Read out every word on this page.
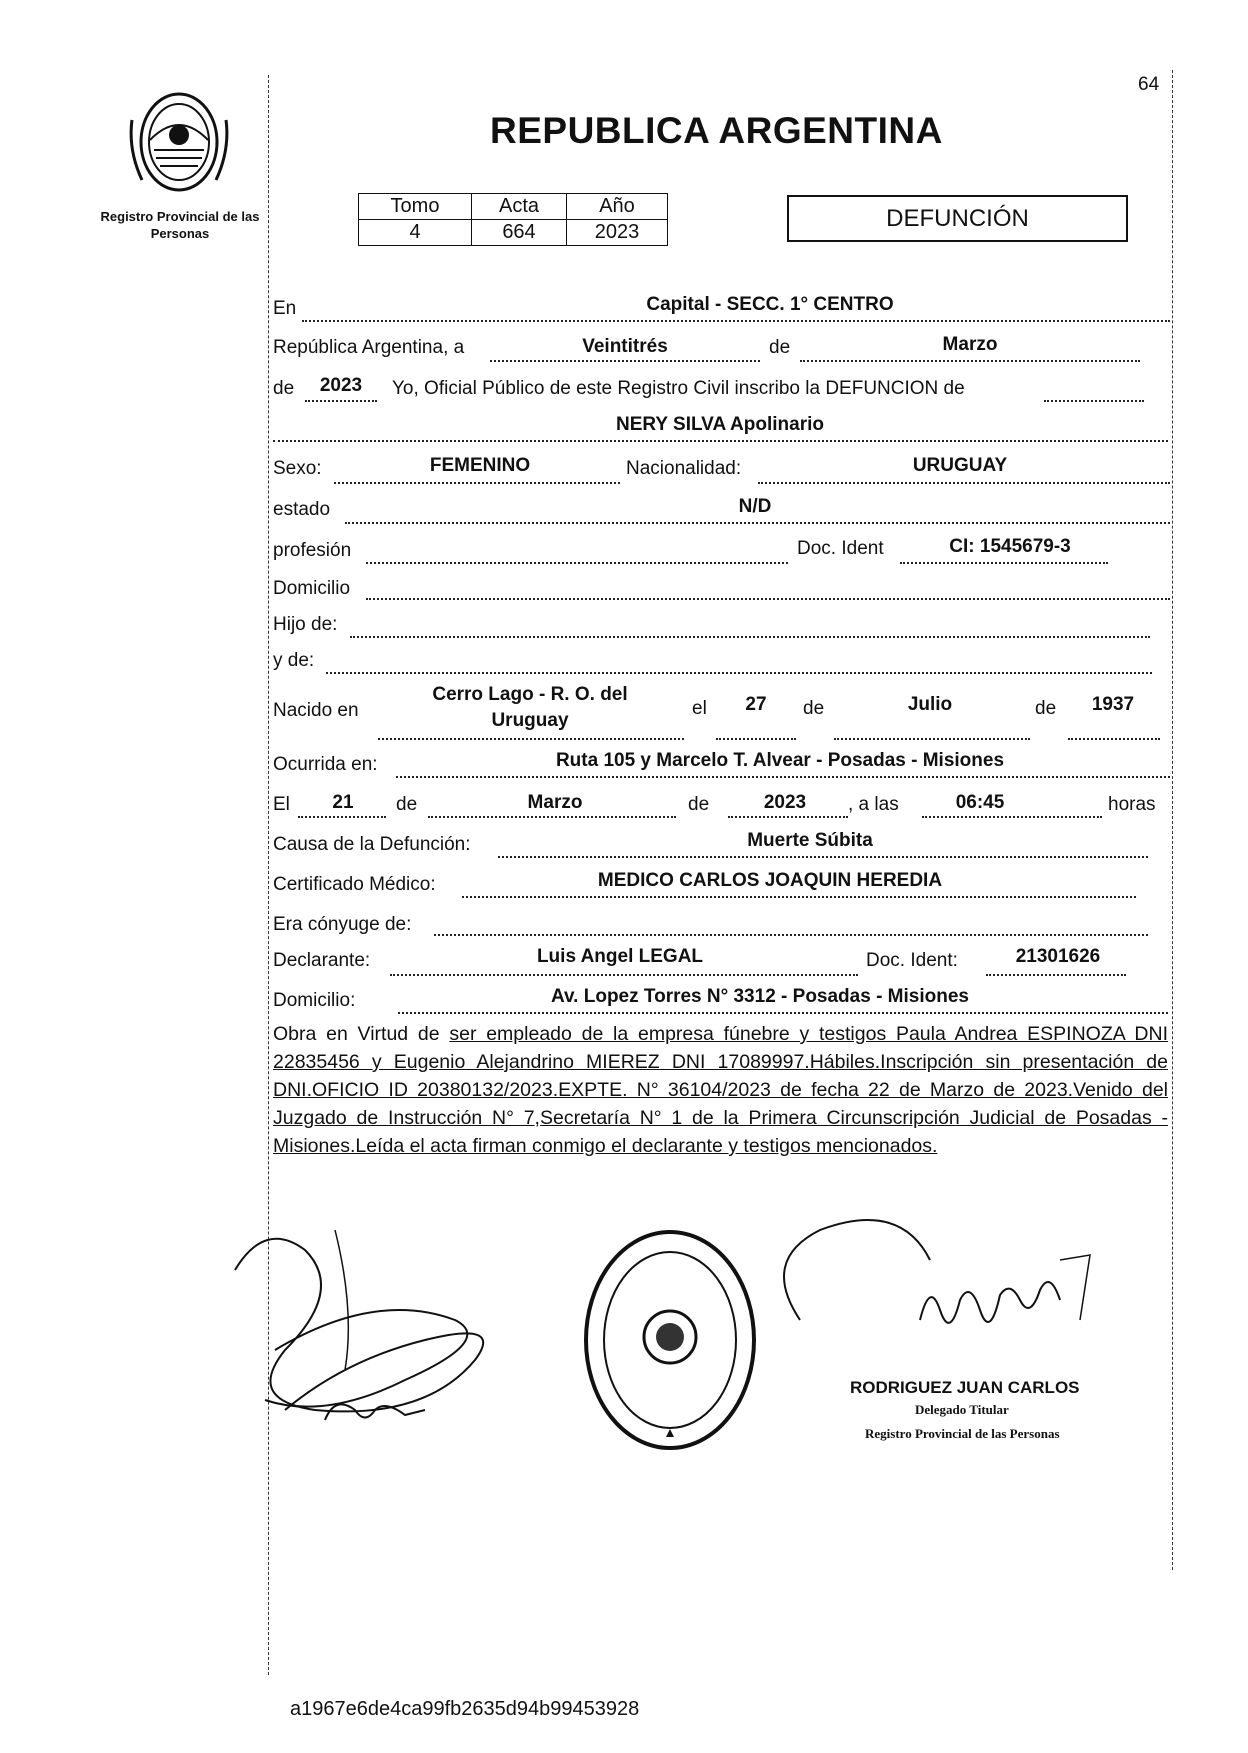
Registro Provincial de las Personas
64
REPUBLICA ARGENTINA
Tomo	Acta	Año
4	664	2023	DEFUNCIÓN
En	Capital - SECC. 1° CENTRO
República Argentina, a	Veintitrés	de	Marzo
de	2023	Yo, Oficial Público de este Registro Civil inscribo la DEFUNCION de
NERY SILVA Apolinario
Sexo:	FEMENINO	Nacionalidad:	URUGUAY
estado	N/D
profesión	Doc. Ident	CI: 1545679-3
Domicilio
Hijo de:
y de:
Nacido en
Cerro Lago - R. O. del
Uruguay
el	27	de	Julio	de	1937
Ocurrida en:	Ruta 105 y Marcelo T. Alvear - Posadas - Misiones
El	21	de	Marzo	de	2023	, a las	06:45	horas
Causa de la Defunción:	Muerte Súbita
Certificado Médico:	MEDICO CARLOS JOAQUIN HEREDIA
Era cónyuge de:
Declarante:	Luis Angel LEGAL	Doc. Ident:	21301626
Domicilio:	Av. Lopez Torres N° 3312 - Posadas - Misiones
Obra en Virtud de ser empleado de la empresa fúnebre y testigos Paula Andrea ESPINOZA DNI 22835456 y Eugenio Alejandrino MIEREZ DNI 17089997.Hábiles.Inscripción sin presentación de DNI.OFICIO ID 20380132/2023.EXPTE. N° 36104/2023 de fecha 22 de Marzo de 2023.Venido del Juzgado de Instrucción N° 7,Secretaría N° 1 de la Primera Circunscripción Judicial de Posadas - Misiones.Leída el acta firman conmigo el declarante y testigos mencionados.
RODRIGUEZ JUAN CARLOS
Delegado Titular
Registro Provincial de las Personas
a1967e6de4ca99fb2635d94b99453928
